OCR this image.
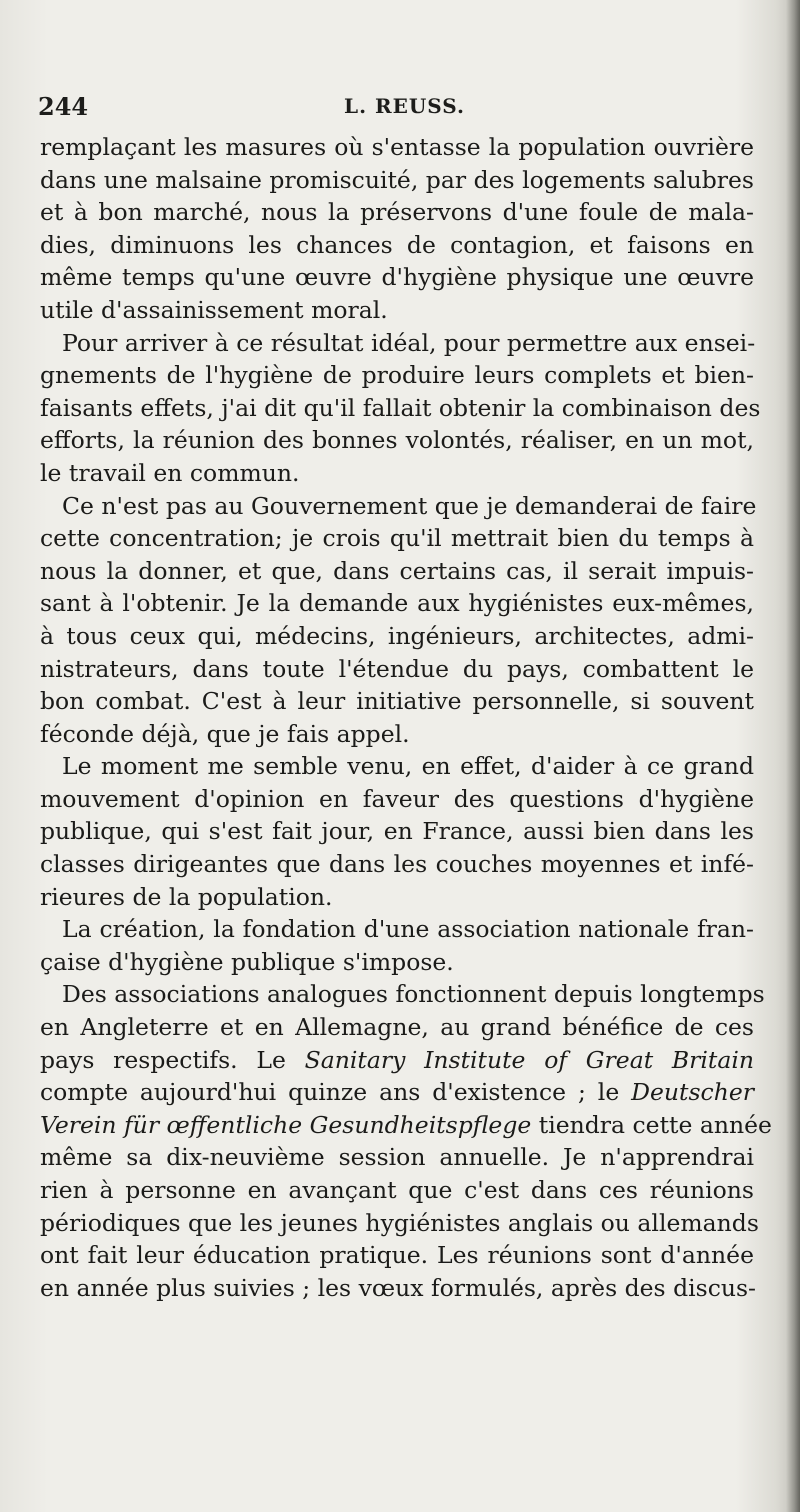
244	L. REUSS.
remplaçant les masures où s'entasse la population ouvrière
dans une malsaine promiscuité, par des logements salubres
et à bon marché, nous la préservons d'une foule de mala-
dies, diminuons les chances de contagion, et faisons en
même temps qu'une œuvre d'hygiène physique une œuvre
utile d'assainissement moral.
Pour arriver à ce résultat idéal, pour permettre aux ensei-
gnements de l'hygiène de produire leurs complets et bien-
faisants effets, j'ai dit qu'il fallait obtenir la combinaison des
efforts, la réunion des bonnes volontés, réaliser, en un mot,
le travail en commun.
Ce n'est pas au Gouvernement que je demanderai de faire
cette concentration; je crois qu'il mettrait bien du temps à
nous la donner, et que, dans certains cas, il serait impuis-
sant à l'obtenir. Je la demande aux hygiénistes eux-mêmes,
à tous ceux qui, médecins, ingénieurs, architectes, admi-
nistrateurs, dans toute l'étendue du pays, combattent le
bon combat. C'est à leur initiative personnelle, si souvent
féconde déjà, que je fais appel.
Le moment me semble venu, en effet, d'aider à ce grand
mouvement d'opinion en faveur des questions d'hygiène
publique, qui s'est fait jour, en France, aussi bien dans les
classes dirigeantes que dans les couches moyennes et infé-
rieures de la population.
La création, la fondation d'une association nationale fran-
çaise d'hygiène publique s'impose.
Des associations analogues fonctionnent depuis longtemps
en Angleterre et en Allemagne, au grand bénéfice de ces
pays respectifs. Le Sanitary Institute of Great Britain
compte aujourd'hui quinze ans d'existence ; le Deutscher
Verein für œffentliche Gesundheitspflege tiendra cette année
même sa dix-neuvième session annuelle. Je n'apprendrai
rien à personne en avançant que c'est dans ces réunions
périodiques que les jeunes hygiénistes anglais ou allemands
ont fait leur éducation pratique. Les réunions sont d'année
en année plus suivies ; les vœux formulés, après des discus-
